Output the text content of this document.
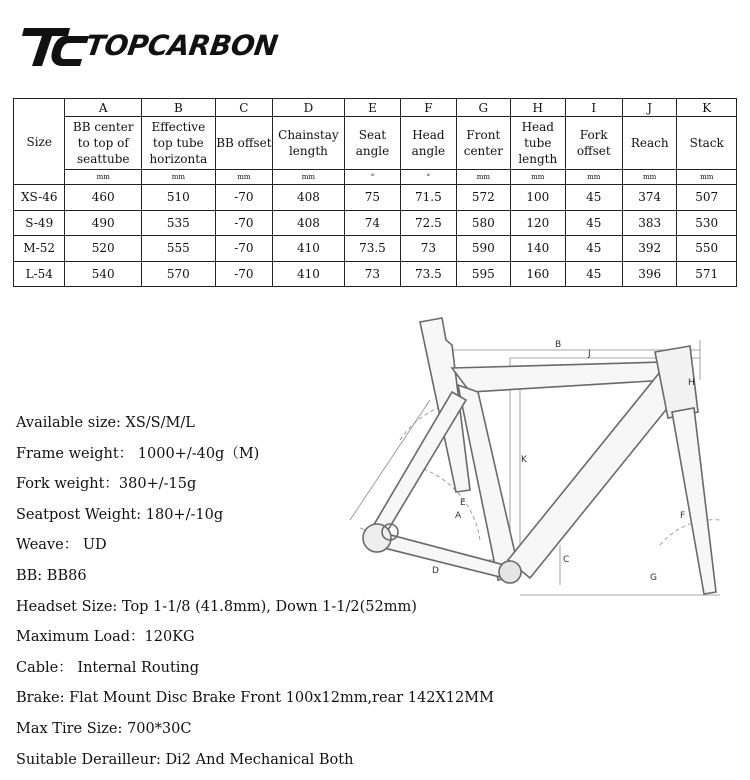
TOPCARBON
Size	A	B	C	D	E	F	G	H	I	J	K
	BB center to top of seattube	Effective top tube horizonta	BB offset	Chainstay length	Seat angle	Head angle	Front center	Head tube length	Fork offset	Reach	Stack
	mm	mm	mm	mm	°	°	mm	mm	mm	mm	mm
XS-46	460	510	-70	408	75	71.5	572	100	45	374	507
S-49	490	535	-70	408	74	72.5	580	120	45	383	530
M-52	520	555	-70	410	73.5	73	590	140	45	392	550
L-54	540	570	-70	410	73	73.5	595	160	45	396	571
A
B
C
D
E
F
G
H
J
K
Available size: XS/S/M/L
Frame weight： 1000+/-40g（M)
Fork weight：380+/-15g
Seatpost Weight: 180+/-10g
Weave： UD
BB: BB86
Headset Size: Top 1-1/8 (41.8mm), Down 1-1/2(52mm)
Maximum Load：120KG
Cable： Internal Routing
Brake: Flat Mount Disc Brake Front 100x12mm,rear 142X12MM
Max Tire Size: 700*30C
Suitable Derailleur: Di2 And Mechanical Both
